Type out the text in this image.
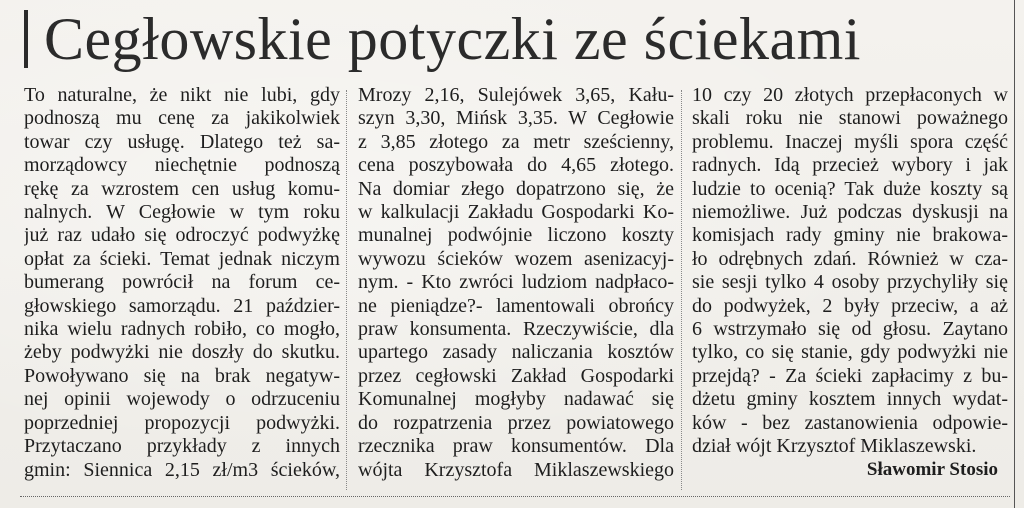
Cegłowskie potyczki ze ściekami
To naturalne, że nikt nie lubi, gdy
podnoszą mu cenę za jakikolwiek
towar czy usługę. Dlatego też sa-
morządowcy niechętnie podnoszą
rękę za wzrostem cen usług komu-
nalnych. W Cegłowie w tym roku
już raz udało się odroczyć podwyżkę
opłat za ścieki. Temat jednak niczym
bumerang powrócił na forum ce-
głowskiego samorządu. 21 paździer-
nika wielu radnych robiło, co mogło,
żeby podwyżki nie doszły do skutku.
Powoływano się na brak negatyw-
nej opinii wojewody o odrzuceniu
poprzedniej propozycji podwyżki.
Przytaczano przykłady z innych
gmin: Siennica 2,15 zł/m3 ścieków,
Mrozy 2,16, Sulejówek 3,65, Kału-
szyn 3,30, Mińsk 3,35. W Cegłowie
z 3,85 złotego za metr sześcienny,
cena poszybowała do 4,65 złotego.
Na domiar złego dopatrzono się, że
w kalkulacji Zakładu Gospodarki Ko-
munalnej podwójnie liczono koszty
wywozu ścieków wozem asenizacyj-
nym. - Kto zwróci ludziom nadpłaco-
ne pieniądze?- lamentowali obrońcy
praw konsumenta. Rzeczywiście, dla
upartego zasady naliczania kosztów
przez cegłowski Zakład Gospodarki
Komunalnej mogłyby nadawać się
do rozpatrzenia przez powiatowego
rzecznika praw konsumentów. Dla
wójta Krzysztofa Miklaszewskiego
10 czy 20 złotych przepłaconych w
skali roku nie stanowi poważnego
problemu. Inaczej myśli spora część
radnych. Idą przecież wybory i jak
ludzie to ocenią? Tak duże koszty są
niemożliwe. Już podczas dyskusji na
komisjach rady gminy nie brakowa-
ło odrębnych zdań. Również w cza-
sie sesji tylko 4 osoby przychyliły się
do podwyżek, 2 były przeciw, a aż
6 wstrzymało się od głosu. Zaytano
tylko, co się stanie, gdy podwyżki nie
przejdą? - Za ścieki zapłacimy z bu-
dżetu gminy kosztem innych wydat-
ków - bez zastanowienia odpowie-
dział wójt Krzysztof Miklaszewski.
Sławomir Stosio
